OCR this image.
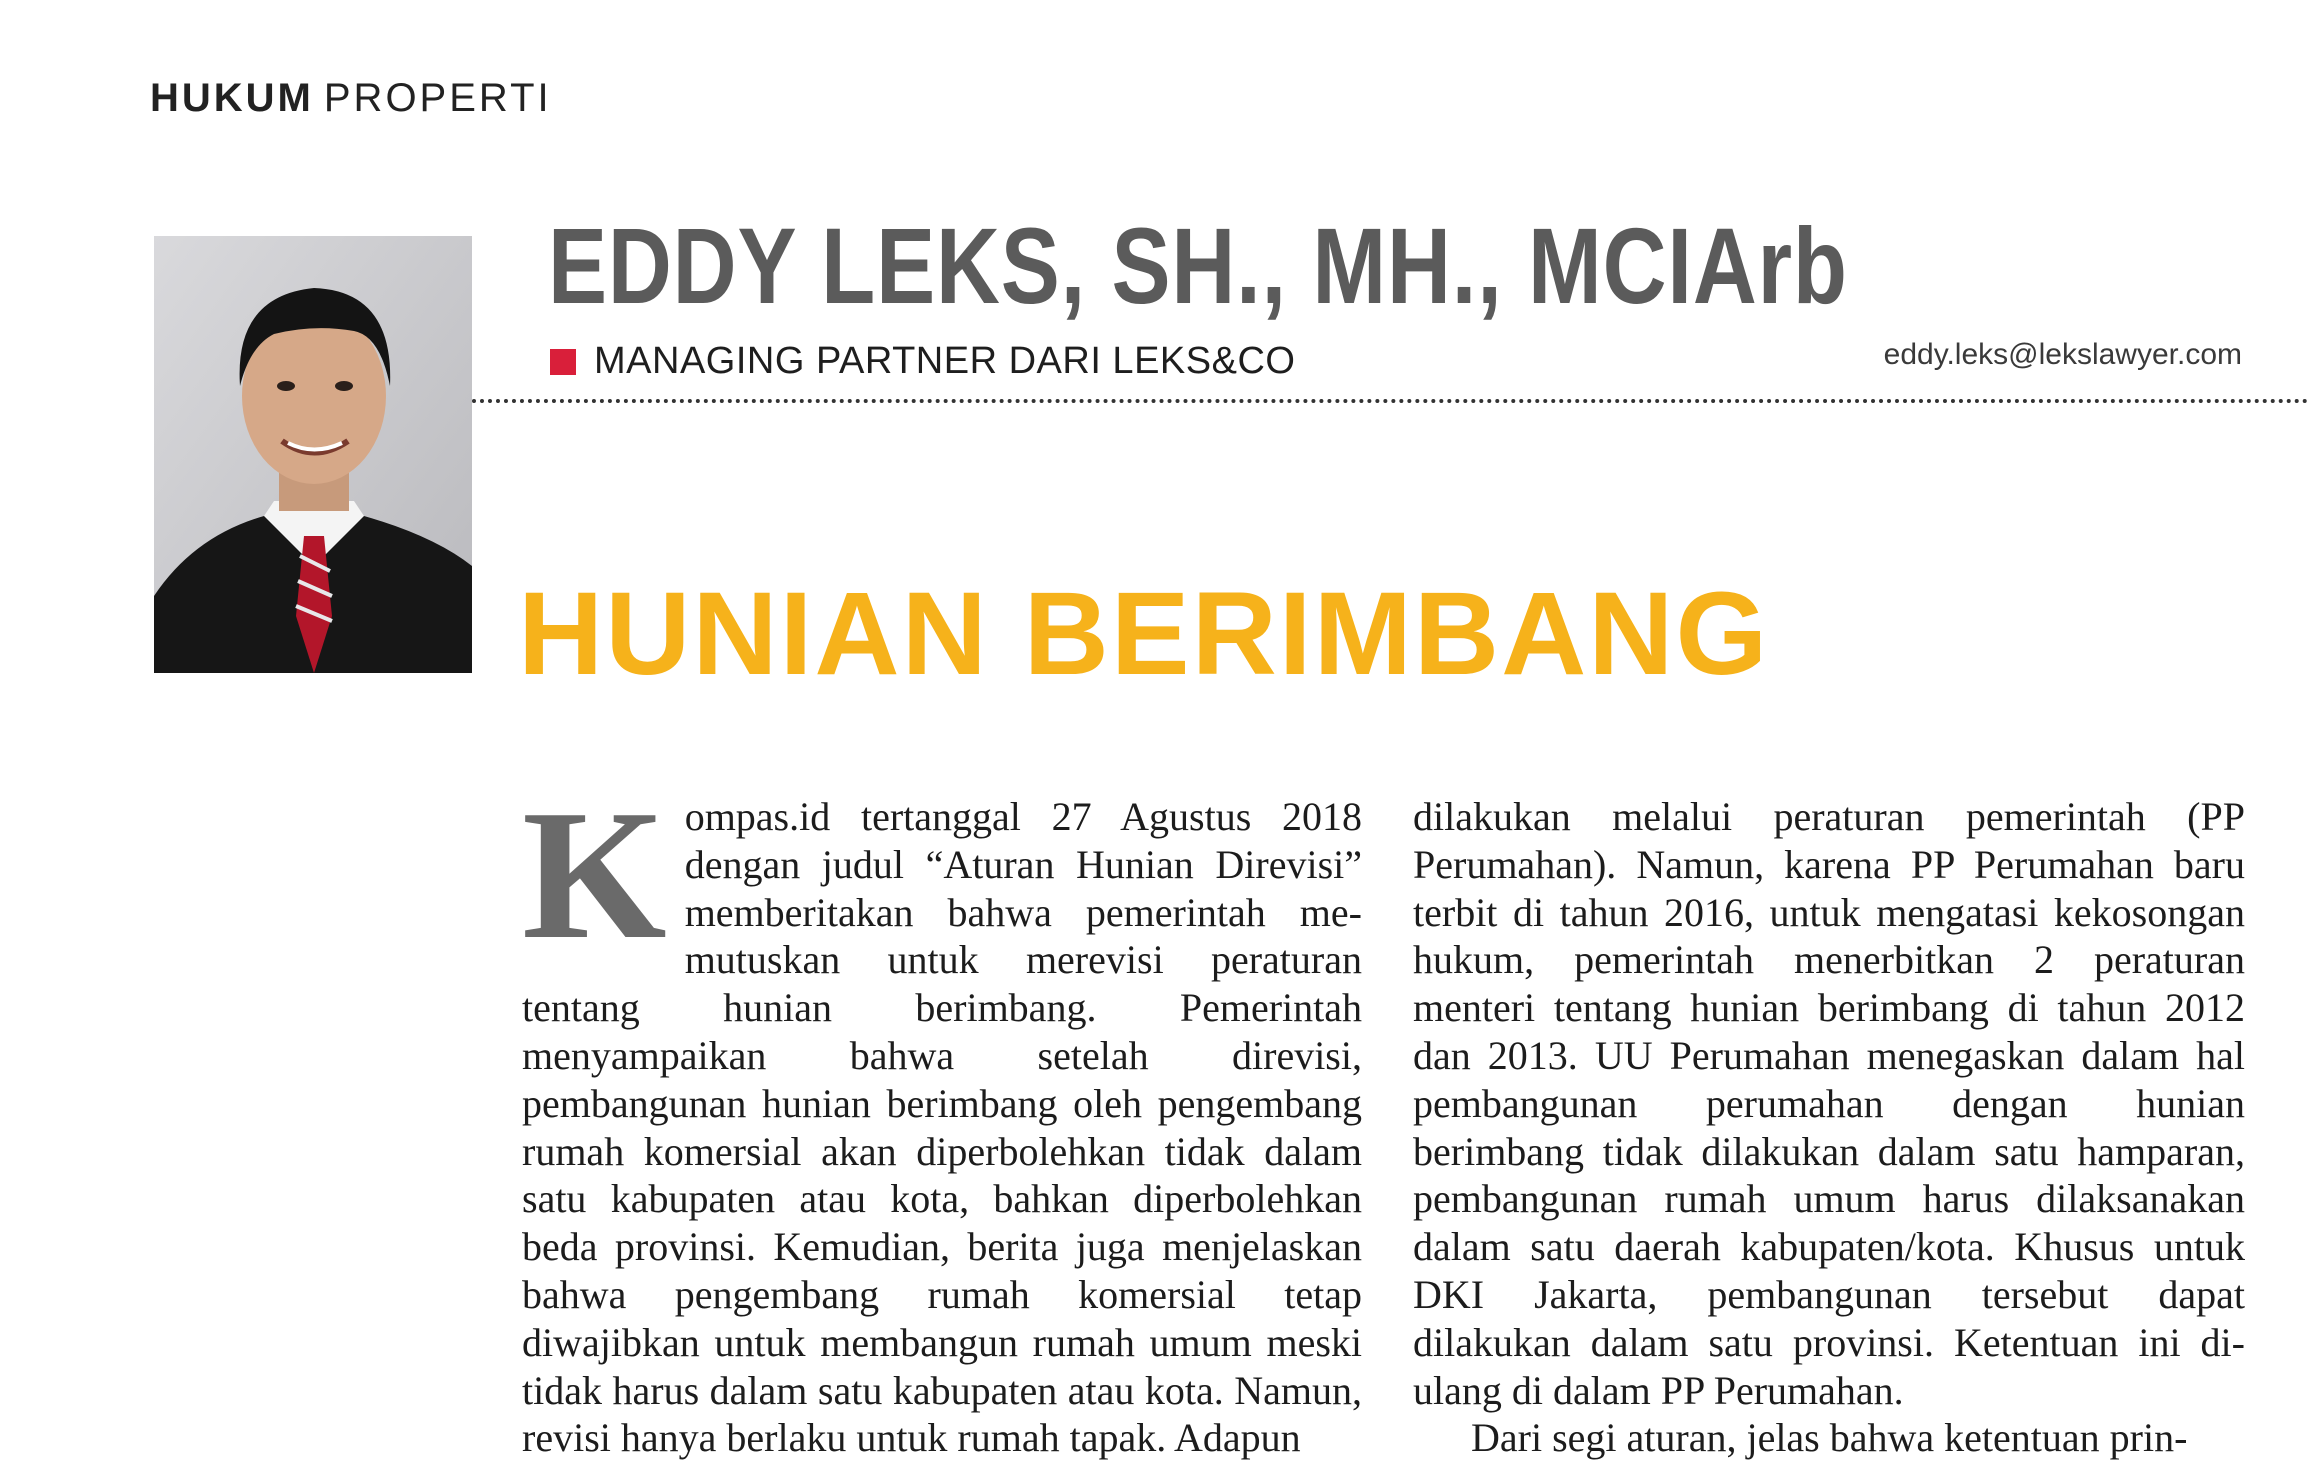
HUKUM PROPERTI
EDDY LEKS, SH., MH., MCIArb
MANAGING PARTNER DARI LEKS&CO	eddy.leks@lekslawyer.com
HUNIAN BERIMBANG
K ompas.id tertanggal 27 Agustus 2018 dengan judul “Aturan Hunian Direvisi” memberitakan bahwa pemerintah memutuskan untuk merevisi peraturan tentang hunian berimbang. Pemerintah menyampaikan bahwa setelah direvisi, pembangunan hunian berimbang oleh pengembang rumah komersial akan diperbolehkan tidak dalam satu kabupaten atau kota, bahkan diperbolehkan beda provinsi. Kemudian, berita juga menjelaskan bahwa pengembang rumah komersial tetap diwajibkan untuk membangun rumah umum meski tidak harus dalam satu kabupaten atau kota. Namun, revisi hanya berlaku untuk rumah tapak. Adapun

dilakukan melalui peraturan pemerintah (PP Perumahan). Namun, karena PP Perumahan baru terbit di tahun 2016, untuk mengatasi kekosongan hukum, pemerintah menerbitkan 2 peraturan menteri tentang hunian berimbang di tahun 2012 dan 2013. UU Perumahan menegaskan dalam hal pembangunan perumahan dengan hunian berimbang tidak dilakukan dalam satu hamparan, pembangunan rumah umum harus dilaksanakan dalam satu daerah kabupaten/kota. Khusus untuk DKI Jakarta, pembangunan tersebut dapat dilakukan dalam satu provinsi. Ketentuan ini diulang di dalam PP Perumahan.

Dari segi aturan, jelas bahwa ketentuan prin-
